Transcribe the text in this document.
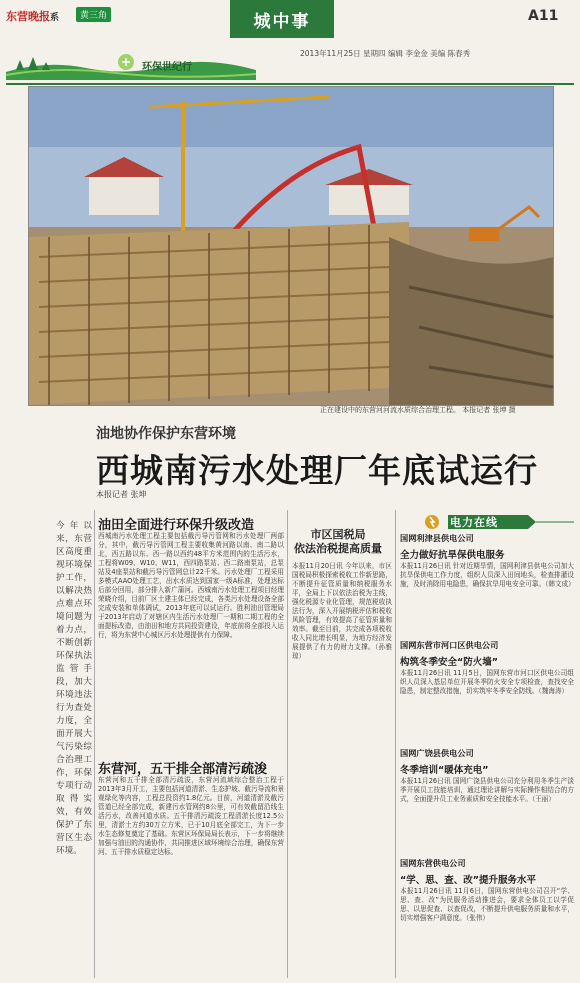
东营晚报系	黄三角	城中事	A11
2013年11月25日 星期四 编辑 李金金 美编 陈春秀
环保世纪行
正在建设中的东营河河流水质综合治理工程。 本报记者 张坤 摄
油地协作保护东营环境
西城南污水处理厂年底试运行
本报记者 张坤
今年以来，东营区高度重视环境保护工作，以解决热点难点环境问题为着力点，不断创新环保执法监管手段，加大环境违法行为查处力度，全面开展大气污染综合治理工作，环保专项行动取得实效，有效保护了东营区生态环境。
油田全面进行环保升级改造
西城南污水处理工程主要包括截污导污管网和污水处理厂两部分，其中，截污导污管网工程主要收集黄河路以南、南二路以北，西五路以东、西一路以西约48平方米范围内的生活污水，工程将W09、W10、W11，西四路泵站、西二路南泵站，总泵站及4座泵站和截污导污管网总计22千米。污水处理厂工程采用多模式AAO处理工艺，出水水质达到国家一级A标准，处理达标后部分回用，部分排入新广蒲河。西城南污水处理工程项目经理荣晓介绍，目前厂区土建主体已经完成，各类污水处理设备全部完成安装和单体调试，2013年底可以试运行。胜利油田管理局于2013年启动了对辖区内生活污水处理厂一期和二期工程的全面提标改造，由油田和地方共同投资建设，年底前将全部投入运行，将为东营中心城区污水处理提供有力保障。
东营河，五干排全部清污疏浚
东营河和五干排全部清污疏浚，东营河流域综合整治工程于2013年3月开工，主要包括河道清淤、生态护坡、截污导流和景观绿化等内容，工程总投资约1.8亿元。目前，河道清淤及截污管道已经全部完成，新建污水管网约8公里，可有效截留沿线生活污水，改善河道水质。五干排清污疏浚工程清淤长度12.5公里，清淤土方约30万立方米，已于10月底全部完工，为下一步水生态修复奠定了基础。东营区环保局局长表示，下一步将继续加强与油田的沟通协作，共同推进区域环境综合治理，确保东营河、五干排水质稳定达标。
市区国税局
依法治税提高质量
本报11月20日讯 今年以来，市区国税局积极探索税收工作新思路，不断提升征管质量和纳税服务水平，全局上下以依法治税为主线，强化税源专业化管理，规范税收执法行为，深入开展纳税评估和税收风险管理，有效提高了征管质量和效率。截至目前，共完成各项税收收入同比增长明显，为地方经济发展提供了有力的财力支撑。（孙雅琼）
电力在线
国网利津县供电公司
全力做好抗旱保供电服务
本报11月26日讯 针对近期旱情，国网利津县供电公司加大抗旱保供电工作力度，组织人员深入田间地头，检查排灌设施，及时消除用电隐患，确保抗旱用电安全可靠。（韩文成）
国网东营市河口区供电公司
构筑冬季安全“防火墙”
本报11月26日讯 11月5日，国网东营市河口区供电公司组织人员深入基层单位开展冬季防火安全专项检查，查找安全隐患，制定整改措施，切实筑牢冬季安全防线。（魏海涛）
国网广饶县供电公司
冬季培训“暖体充电”
本报11月26日讯 国网广饶县供电公司充分利用冬季生产淡季开展员工技能培训，通过理论讲解与实际操作相结合的方式，全面提升员工业务素质和安全技能水平。（王丽）
国网东营供电公司
“学、思、查、改”提升服务水平
本报11月26日讯 11月6日，国网东营供电公司召开“学、思、查、改”为民服务活动推进会，要求全体员工以学促思、以思促查、以查促改，不断提升供电服务质量和水平，切实增强客户满意度。（张伟）
